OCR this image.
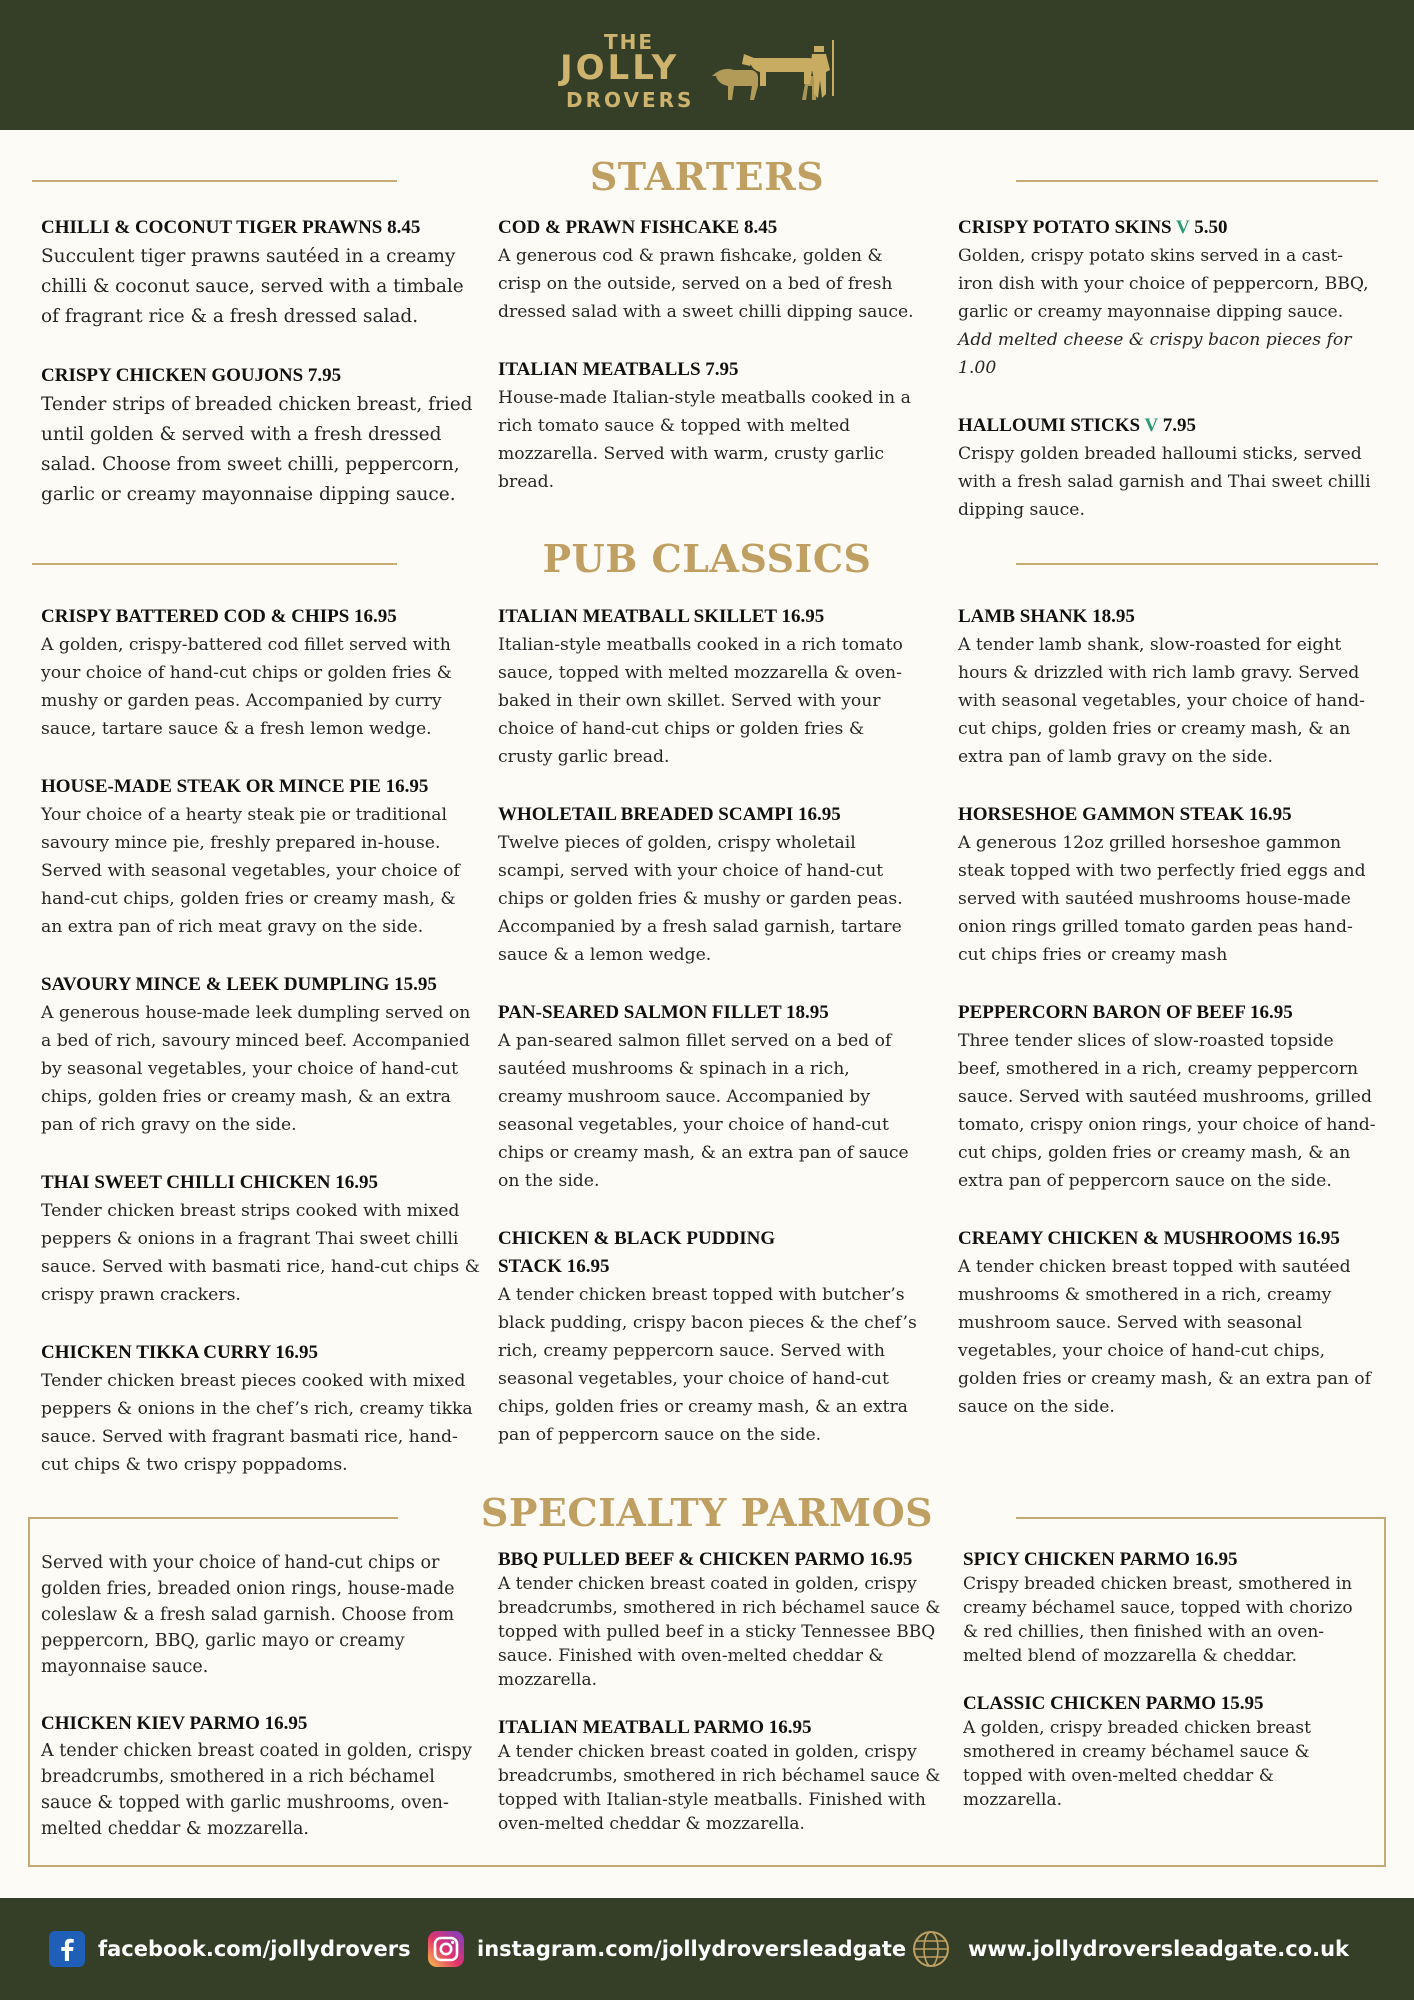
THE
JOLLY
DROVERS
STARTERS
CHILLI & COCONUT TIGER PRAWNS 8.45
Succulent tiger prawns sautéed in a creamy chilli & coconut sauce, served with a timbale of fragrant rice & a fresh dressed salad.
CRISPY CHICKEN GOUJONS 7.95
Tender strips of breaded chicken breast, fried until golden & served with a fresh dressed salad. Choose from sweet chilli, peppercorn, garlic or creamy mayonnaise dipping sauce.
COD & PRAWN FISHCAKE 8.45
A generous cod & prawn fishcake, golden & crisp on the outside, served on a bed of fresh dressed salad with a sweet chilli dipping sauce.
ITALIAN MEATBALLS 7.95
House-made Italian-style meatballs cooked in a rich tomato sauce & topped with melted mozzarella. Served with warm, crusty garlic bread.
CRISPY POTATO SKINS V 5.50
Golden, crispy potato skins served in a cast-iron dish with your choice of peppercorn, BBQ, garlic or creamy mayonnaise dipping sauce. Add melted cheese & crispy bacon pieces for 1.00
HALLOUMI STICKS V 7.95
Crispy golden breaded halloumi sticks, served with a fresh salad garnish and Thai sweet chilli dipping sauce.
PUB CLASSICS
CRISPY BATTERED COD & CHIPS 16.95
A golden, crispy-battered cod fillet served with your choice of hand-cut chips or golden fries & mushy or garden peas. Accompanied by curry sauce, tartare sauce & a fresh lemon wedge.
HOUSE-MADE STEAK OR MINCE PIE 16.95
Your choice of a hearty steak pie or traditional savoury mince pie, freshly prepared in-house. Served with seasonal vegetables, your choice of hand-cut chips, golden fries or creamy mash, & an extra pan of rich meat gravy on the side.
SAVOURY MINCE & LEEK DUMPLING 15.95
A generous house-made leek dumpling served on a bed of rich, savoury minced beef. Accompanied by seasonal vegetables, your choice of hand-cut chips, golden fries or creamy mash, & an extra pan of rich gravy on the side.
THAI SWEET CHILLI CHICKEN 16.95
Tender chicken breast strips cooked with mixed peppers & onions in a fragrant Thai sweet chilli sauce. Served with basmati rice, hand-cut chips & crispy prawn crackers.
CHICKEN TIKKA CURRY 16.95
Tender chicken breast pieces cooked with mixed peppers & onions in the chef’s rich, creamy tikka sauce. Served with fragrant basmati rice, hand-cut chips & two crispy poppadoms.
ITALIAN MEATBALL SKILLET 16.95
Italian-style meatballs cooked in a rich tomato sauce, topped with melted mozzarella & oven-baked in their own skillet. Served with your choice of hand-cut chips or golden fries & crusty garlic bread.
WHOLETAIL BREADED SCAMPI 16.95
Twelve pieces of golden, crispy wholetail scampi, served with your choice of hand-cut chips or golden fries & mushy or garden peas. Accompanied by a fresh salad garnish, tartare sauce & a lemon wedge.
PAN-SEARED SALMON FILLET 18.95
A pan-seared salmon fillet served on a bed of sautéed mushrooms & spinach in a rich, creamy mushroom sauce. Accompanied by seasonal vegetables, your choice of hand-cut chips or creamy mash, & an extra pan of sauce on the side.
CHICKEN & BLACK PUDDING STACK 16.95
A tender chicken breast topped with butcher’s black pudding, crispy bacon pieces & the chef’s rich, creamy peppercorn sauce. Served with seasonal vegetables, your choice of hand-cut chips, golden fries or creamy mash, & an extra pan of peppercorn sauce on the side.
LAMB SHANK 18.95
A tender lamb shank, slow-roasted for eight hours & drizzled with rich lamb gravy. Served with seasonal vegetables, your choice of hand-cut chips, golden fries or creamy mash, & an extra pan of lamb gravy on the side.
HORSESHOE GAMMON STEAK 16.95
A generous 12oz grilled horseshoe gammon steak topped with two perfectly fried eggs and served with sautéed mushrooms house-made onion rings grilled tomato garden peas hand-cut chips fries or creamy mash
PEPPERCORN BARON OF BEEF 16.95
Three tender slices of slow-roasted topside beef, smothered in a rich, creamy peppercorn sauce. Served with sautéed mushrooms, grilled tomato, crispy onion rings, your choice of hand-cut chips, golden fries or creamy mash, & an extra pan of peppercorn sauce on the side.
CREAMY CHICKEN & MUSHROOMS 16.95
A tender chicken breast topped with sautéed mushrooms & smothered in a rich, creamy mushroom sauce. Served with seasonal vegetables, your choice of hand-cut chips, golden fries or creamy mash, & an extra pan of sauce on the side.
SPECIALTY PARMOS
Served with your choice of hand-cut chips or golden fries, breaded onion rings, house-made coleslaw & a fresh salad garnish. Choose from peppercorn, BBQ, garlic mayo or creamy mayonnaise sauce.
CHICKEN KIEV PARMO 16.95
A tender chicken breast coated in golden, crispy breadcrumbs, smothered in a rich béchamel sauce & topped with garlic mushrooms, oven-melted cheddar & mozzarella.
BBQ PULLED BEEF & CHICKEN PARMO 16.95
A tender chicken breast coated in golden, crispy breadcrumbs, smothered in rich béchamel sauce & topped with pulled beef in a sticky Tennessee BBQ sauce. Finished with oven-melted cheddar & mozzarella.
ITALIAN MEATBALL PARMO 16.95
A tender chicken breast coated in golden, crispy breadcrumbs, smothered in rich béchamel sauce & topped with Italian-style meatballs. Finished with oven-melted cheddar & mozzarella.
SPICY CHICKEN PARMO 16.95
Crispy breaded chicken breast, smothered in creamy béchamel sauce, topped with chorizo & red chillies, then finished with an oven-melted blend of mozzarella & cheddar.
CLASSIC CHICKEN PARMO 15.95
A golden, crispy breaded chicken breast smothered in creamy béchamel sauce & topped with oven-melted cheddar & mozzarella.
facebook.com/jollydrovers	instagram.com/jollydroversleadgate	www.jollydroversleadgate.co.uk
